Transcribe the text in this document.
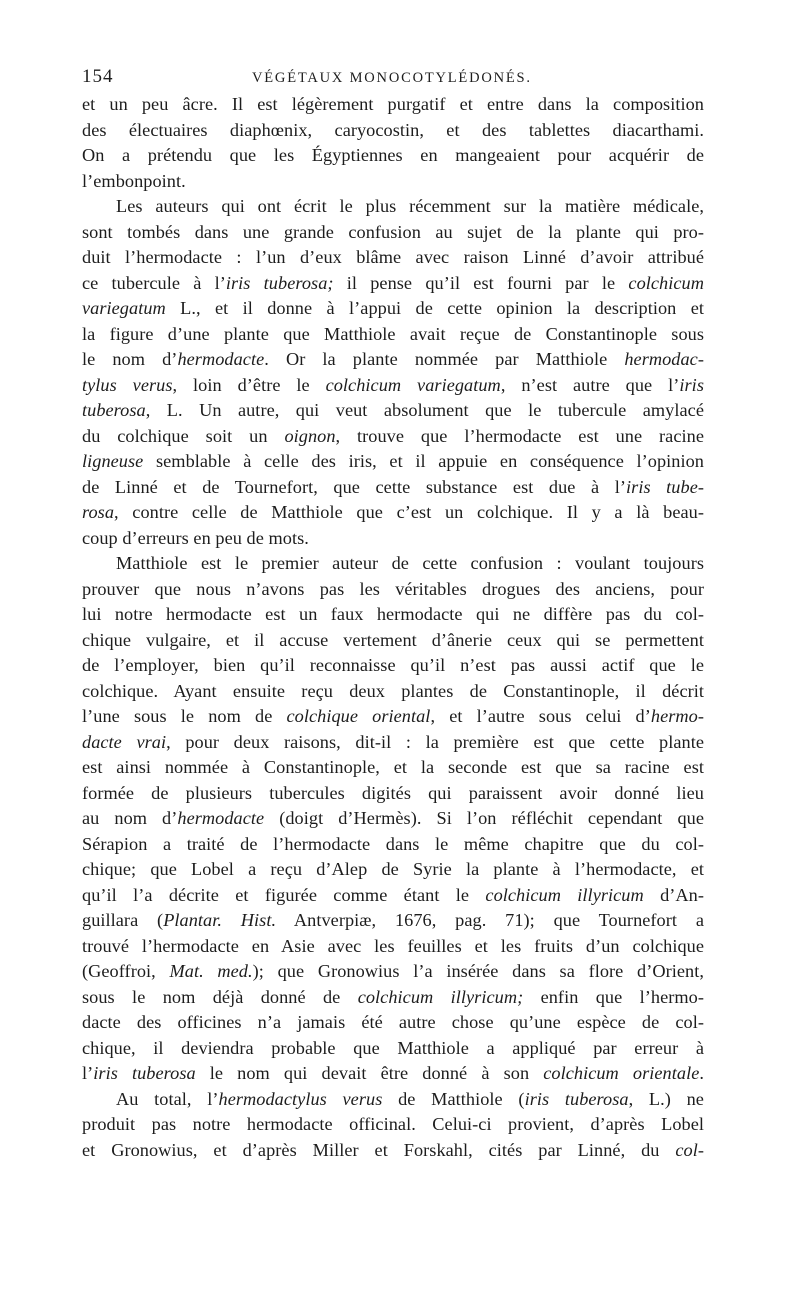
154	VÉGÉTAUX MONOCOTYLÉDONÉS.
et un peu âcre. Il est légèrement purgatif et entre dans la composition
des électuaires diaphœnix, caryocostin, et des tablettes diacarthami.
On a prétendu que les Égyptiennes en mangeaient pour acquérir de
l’embonpoint.
Les auteurs qui ont écrit le plus récemment sur la matière médicale,
sont tombés dans une grande confusion au sujet de la plante qui pro-
duit l’hermodacte : l’un d’eux blâme avec raison Linné d’avoir attribué
ce tubercule à l’iris tuberosa; il pense qu’il est fourni par le colchicum
variegatum L., et il donne à l’appui de cette opinion la description et
la figure d’une plante que Matthiole avait reçue de Constantinople sous
le nom d’hermodacte. Or la plante nommée par Matthiole hermodac-
tylus verus, loin d’être le colchicum variegatum, n’est autre que l’iris
tuberosa, L. Un autre, qui veut absolument que le tubercule amylacé
du colchique soit un oignon, trouve que l’hermodacte est une racine
ligneuse semblable à celle des iris, et il appuie en conséquence l’opinion
de Linné et de Tournefort, que cette substance est due à l’iris tube-
rosa, contre celle de Matthiole que c’est un colchique. Il y a là beau-
coup d’erreurs en peu de mots.
Matthiole est le premier auteur de cette confusion : voulant toujours
prouver que nous n’avons pas les véritables drogues des anciens, pour
lui notre hermodacte est un faux hermodacte qui ne diffère pas du col-
chique vulgaire, et il accuse vertement d’ânerie ceux qui se permettent
de l’employer, bien qu’il reconnaisse qu’il n’est pas aussi actif que le
colchique. Ayant ensuite reçu deux plantes de Constantinople, il décrit
l’une sous le nom de colchique oriental, et l’autre sous celui d’hermo-
dacte vrai, pour deux raisons, dit-il : la première est que cette plante
est ainsi nommée à Constantinople, et la seconde est que sa racine est
formée de plusieurs tubercules digités qui paraissent avoir donné lieu
au nom d’hermodacte (doigt d’Hermès). Si l’on réfléchit cependant que
Sérapion a traité de l’hermodacte dans le même chapitre que du col-
chique; que Lobel a reçu d’Alep de Syrie la plante à l’hermodacte, et
qu’il l’a décrite et figurée comme étant le colchicum illyricum d’An-
guillara (Plantar. Hist. Antverpiæ, 1676, pag. 71); que Tournefort a
trouvé l’hermodacte en Asie avec les feuilles et les fruits d’un colchique
(Geoffroi, Mat. med.); que Gronowius l’a insérée dans sa flore d’Orient,
sous le nom déjà donné de colchicum illyricum; enfin que l’hermo-
dacte des officines n’a jamais été autre chose qu’une espèce de col-
chique, il deviendra probable que Matthiole a appliqué par erreur à
l’iris tuberosa le nom qui devait être donné à son colchicum orientale.
Au total, l’hermodactylus verus de Matthiole (iris tuberosa, L.) ne
produit pas notre hermodacte officinal. Celui-ci provient, d’après Lobel
et Gronowius, et d’après Miller et Forskahl, cités par Linné, du col-
